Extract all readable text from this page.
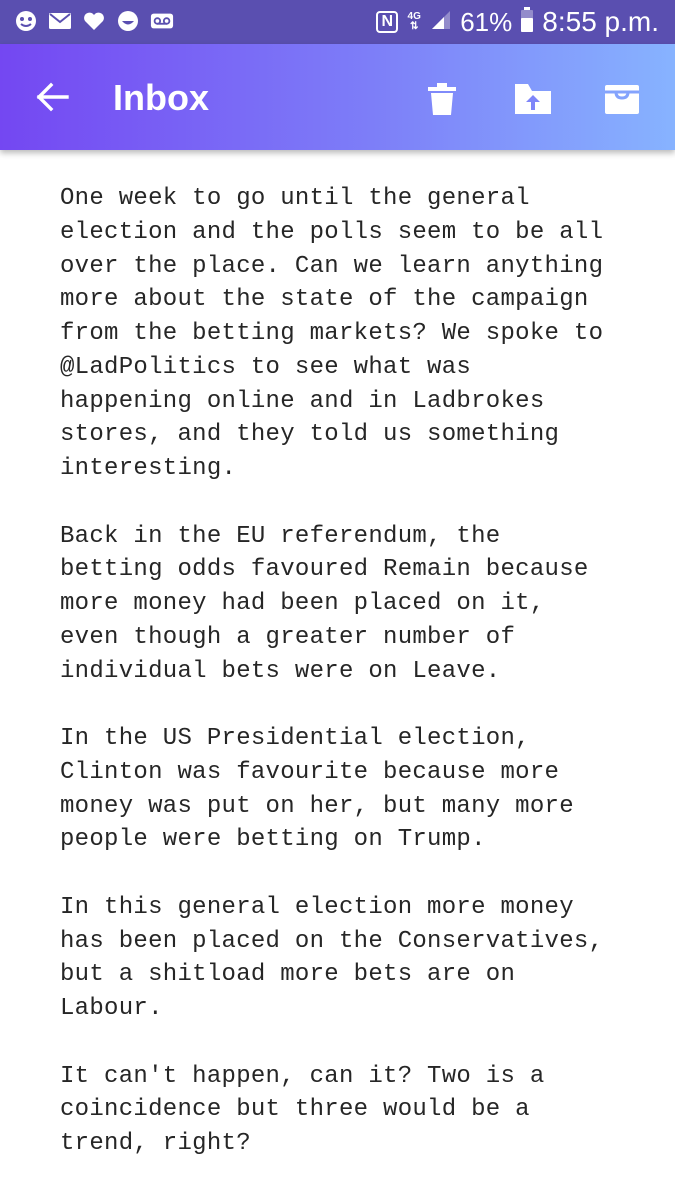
N	4G
⇅ 61% 8:55 p.m.
Inbox

One week to go until the general
election and the polls seem to be all
over the place. Can we learn anything
more about the state of the campaign
from the betting markets? We spoke to
@LadPolitics to see what was
happening online and in Ladbrokes
stores, and they told us something
interesting.

Back in the EU referendum, the
betting odds favoured Remain because
more money had been placed on it,
even though a greater number of
individual bets were on Leave.

In the US Presidential election,
Clinton was favourite because more
money was put on her, but many more
people were betting on Trump.

In this general election more money
has been placed on the Conservatives,
but a shitload more bets are on
Labour.

It can't happen, can it? Two is a
coincidence but three would be a
trend, right?
